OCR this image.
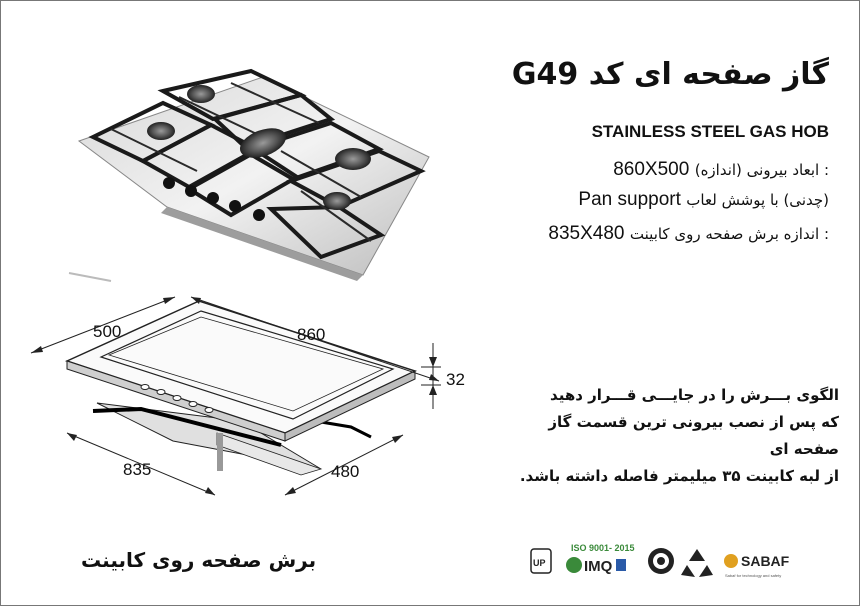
گاز صفحه ای کد G49
STAINLESS STEEL GAS HOB
860X500 : ابعاد بیرونی (اندازه)
Pan support (چدنی) با پوشش لعاب
835X480 : اندازه برش صفحه روی کابینت
500	860
32
835	480
الگوی بـــرش را در جایـــی قـــرار دهید
که پس از نصب بیرونی ترین قسمت گاز صفحه ای
از لبه کابینت ۳۵ میلیمتر فاصله داشته باشد.
برش صفحه روی کابینت	UP
ISO 9001- 2015
IMQ	SABAF
Sabaf for technology and safety
